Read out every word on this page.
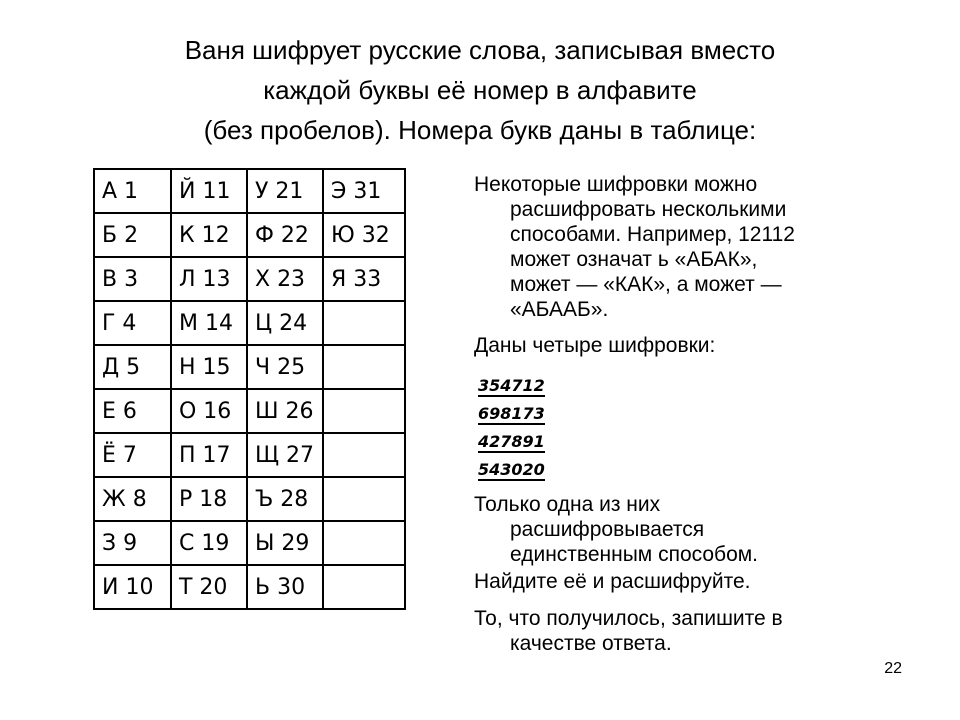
Ваня шифрует русские слова, записывая вместо
каждой буквы её номер в алфавите
(без пробелов). Номера букв даны в таблице:
А 1	Й 11	У 21	Э 31
Б 2	К 12	Ф 22	Ю 32
В 3	Л 13	Х 23	Я 33
Г 4	М 14	Ц 24	
Д 5	Н 15	Ч 25	
Е 6	О 16	Ш 26	
Ё 7	П 17	Щ 27	
Ж 8	Р 18	Ъ 28	
З 9	С 19	Ы 29	
И 10	Т 20	Ь 30	

Некоторые шифровки можно
расшифровать несколькими
способами. Например, 12112
может означат ь «АБАК»,
может — «КАК», а может —
«АБААБ».

Даны четыре шифровки:

354712
698173
427891
543020

Только одна из них
расшифровывается
единственным способом.

Найдите её и расшифруйте.

То, что получилось, запишите в
качестве ответа.

22
